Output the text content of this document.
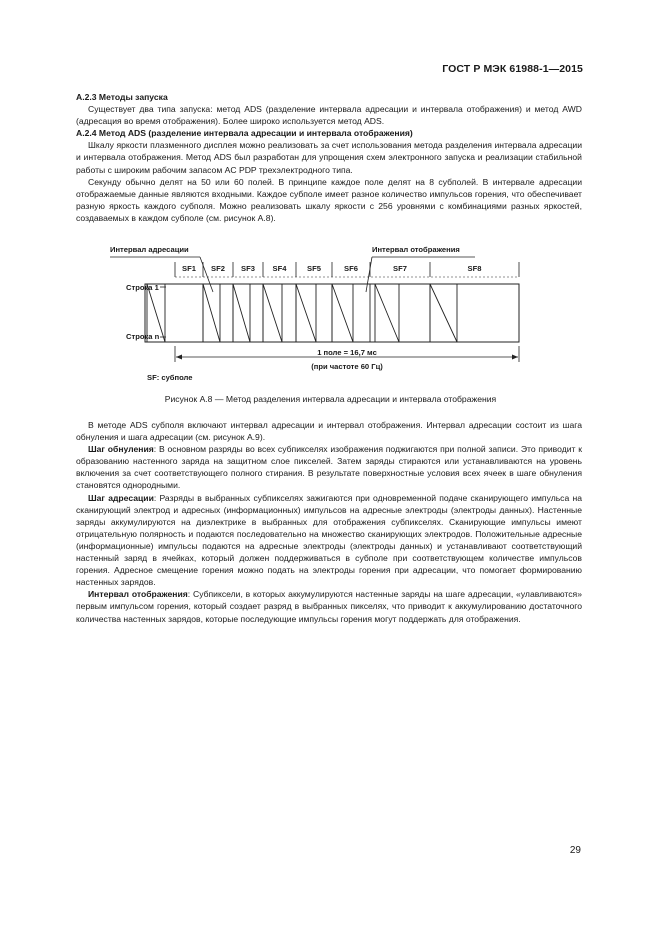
ГОСТ Р МЭК 61988-1—2015

А.2.3 Методы запуска

Существует два типа запуска: метод ADS (разделение интервала адресации и интервала отображения) и метод AWD (адресация во время отображения). Более широко используется метод ADS.

А.2.4 Метод ADS (разделение интервала адресации и интервала отображения)

Шкалу яркости плазменного дисплея можно реализовать за счет использования метода разделения интервала адресации и интервала отображения. Метод ADS был разработан для упрощения схем электронного запуска и реализации стабильной работы с широким рабочим запасом AC PDP трехэлектродного типа.

Секунду обычно делят на 50 или 60 полей. В принципе каждое поле делят на 8 субполей. В интервале адресации отображаемые данные являются входными. Каждое субполе имеет разное количество импульсов горения, что обеспечивает разную яркость каждого субполя. Можно реализовать шкалу яркости с 256 уровнями с комбинациями разных яркостей, создаваемых в каждом субполе (см. рисунок А.8).

Интервал адресации	Интервал отображения
SF1 SF2 SF3 SF4	SF5	SF6	SF7	SF8
Строка 1
Строка n
1 поле = 16,7 мс
(при частоте 60 Гц)
SF: субполе
Рисунок А.8 — Метод разделения интервала адресации и интервала отображения

В методе ADS субполя включают интервал адресации и интервал отображения. Интервал адресации состоит из шага обнуления и шага адресации (см. рисунок А.9).

Шаг обнуления: В основном разряды во всех субпикселях изображения поджигаются при полной записи. Это приводит к образованию настенного заряда на защитном слое пикселей. Затем заряды стираются или устанавливаются на уровень включения за счет соответствующего полного стирания. В результате поверхностные условия всех ячеек в шаге обнуления становятся однородными.

Шаг адресации: Разряды в выбранных субпикселях зажигаются при одновременной подаче сканирующего импульса на сканирующий электрод и адресных (информационных) импульсов на адресные электроды (электроды данных). Настенные заряды аккумулируются на диэлектрике в выбранных для отображения субпикселях. Сканирующие импульсы имеют отрицательную полярность и подаются последовательно на множество сканирующих электродов. Положительные адресные (информационные) импульсы подаются на адресные электроды (электроды данных) и устанавливают соответствующий настенный заряд в ячейках, который должен поддерживаться в субполе при соответствующем количестве импульсов горения. Адресное смещение горения можно подать на электроды горения при адресации, что помогает формированию настенных зарядов.

Интервал отображения: Субпиксели, в которых аккумулируются настенные заряды на шаге адресации, «улавливаются» первым импульсом горения, который создает разряд в выбранных пикселях, что приводит к аккумулированию достаточного количества настенных зарядов, которые последующие импульсы горения могут поддержать для отображения.

29
